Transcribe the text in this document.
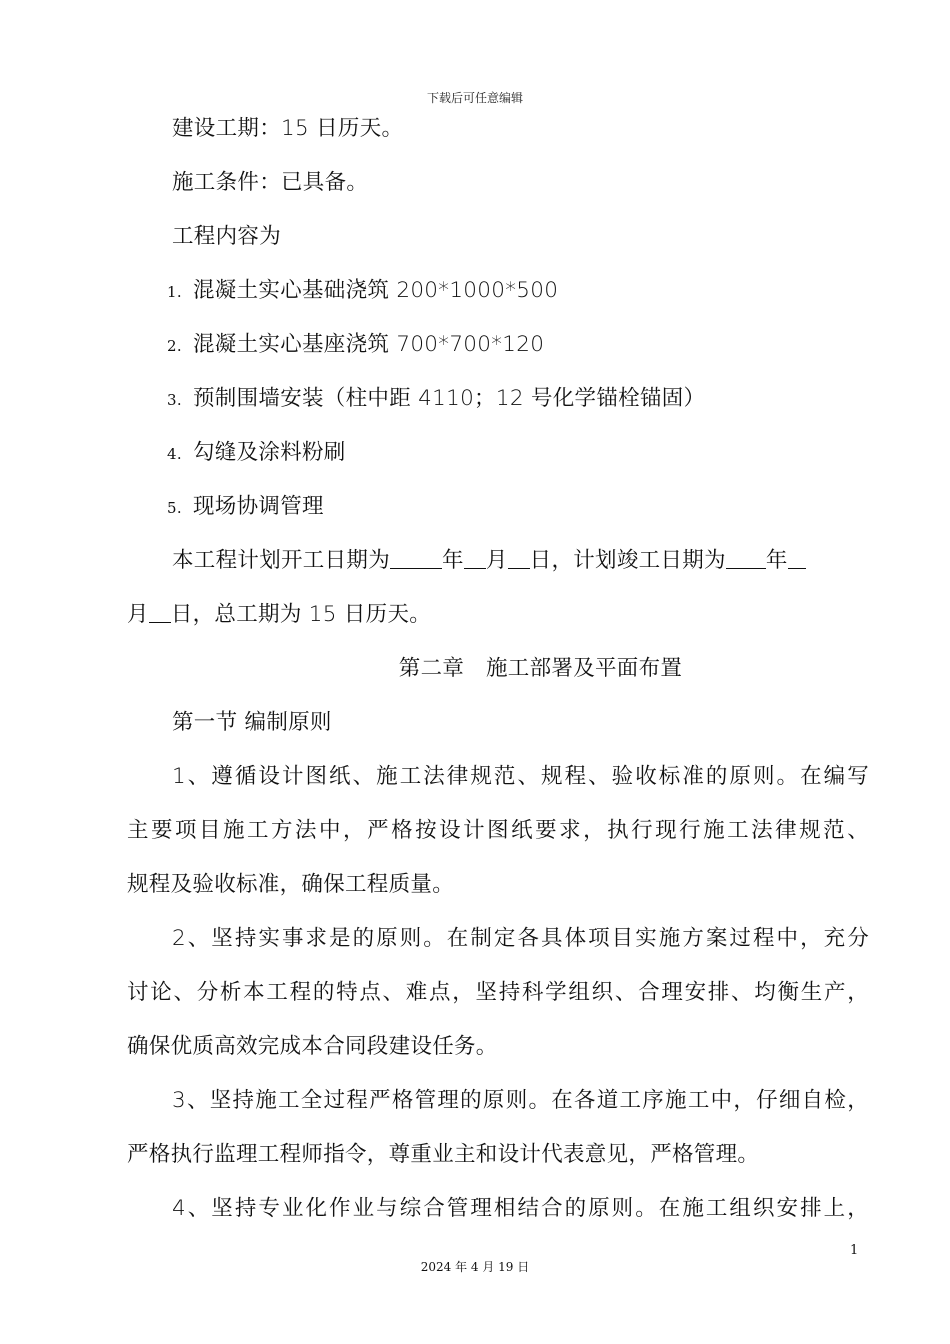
下载后可任意编辑
建设工期：15 日历天。
施工条件：已具备。
工程内容为
1. 混凝土实心基础浇筑 200*1000*500
2. 混凝土实心基座浇筑 700*700*120
3. 预制围墙安装（柱中距 4110；12 号化学锚栓锚固）
4. 勾缝及涂料粉刷
5. 现场协调管理
本工程计划开工日期为 年 月 日，计划竣工日期为 年
月 日，总工期为 15 日历天。
第二章　施工部署及平面布置
第一节 编制原则
1、遵循设计图纸、施工法律规范、规程、验收标准的原则。在编写
主要项目施工方法中，严格按设计图纸要求，执行现行施工法律规范、
规程及验收标准，确保工程质量。
2、坚持实事求是的原则。在制定各具体项目实施方案过程中，充分
讨论、分析本工程的特点、难点，坚持科学组织、合理安排、均衡生产，
确保优质高效完成本合同段建设任务。
3、坚持施工全过程严格管理的原则。在各道工序施工中，仔细自检，
严格执行监理工程师指令，尊重业主和设计代表意见，严格管理。
4、坚持专业化作业与综合管理相结合的原则。在施工组织安排上，
1
2024 年 4 月 19 日
